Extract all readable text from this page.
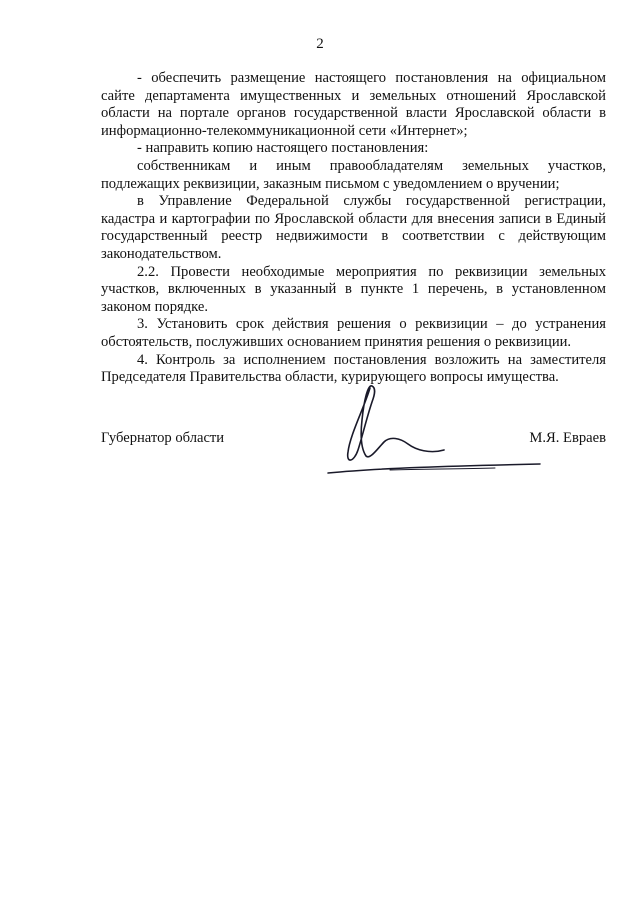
2

- обеспечить размещение настоящего постановления на официальном сайте департамента имущественных и земельных отношений Ярославской области на портале органов государственной власти Ярославской области в информационно-телекоммуникационной сети «Интернет»;

- направить копию настоящего постановления:

собственникам и иным правообладателям земельных участков, подлежащих реквизиции, заказным письмом с уведомлением о вручении;

в Управление Федеральной службы государственной регистрации, кадастра и картографии по Ярославской области для внесения записи в Единый государственный реестр недвижимости в соответствии с действующим законодательством.

2.2. Провести необходимые мероприятия по реквизиции земельных участков, включенных в указанный в пункте 1 перечень, в установленном законом порядке.

3. Установить срок действия решения о реквизиции – до устранения обстоятельств, послуживших основанием принятия решения о реквизиции.

4. Контроль за исполнением постановления возложить на заместителя Председателя Правительства области, курирующего вопросы имущества.

Губернатор области	М.Я. Евраев
